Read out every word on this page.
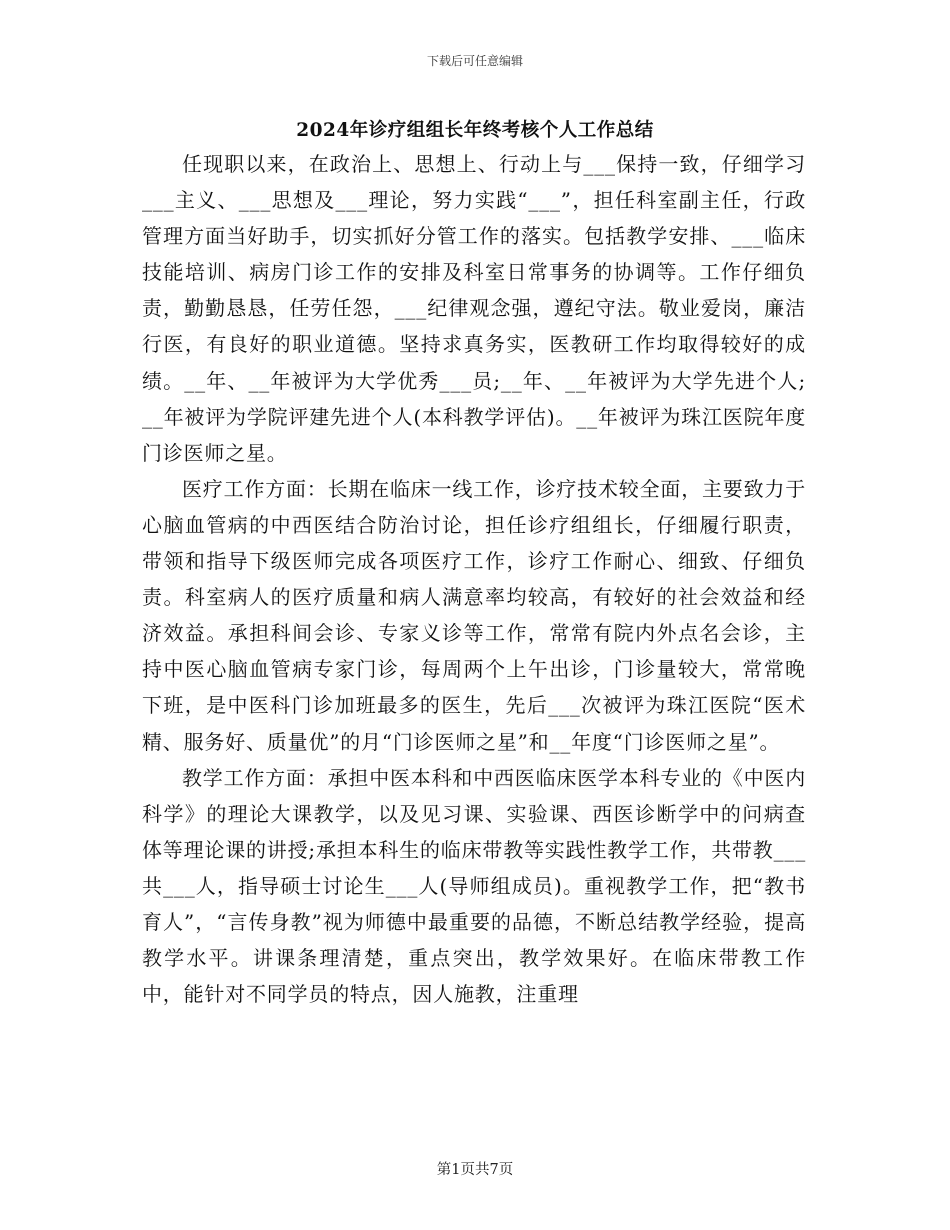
下载后可任意编辑
2024年诊疗组组长年终考核个人工作总结

任现职以来，在政治上、思想上、行动上与___保持一致，仔细学习___主义、___思想及___理论，努力实践“___”，担任科室副主任，行政管理方面当好助手，切实抓好分管工作的落实。包括教学安排、___临床技能培训、病房门诊工作的安排及科室日常事务的协调等。工作仔细负责，勤勤恳恳，任劳任怨，___纪律观念强，遵纪守法。敬业爱岗，廉洁行医，有良好的职业道德。坚持求真务实，医教研工作均取得较好的成绩。__年、__年被评为大学优秀___员;__年、__年被评为大学先进个人;__年被评为学院评建先进个人(本科教学评估)。__年被评为珠江医院年度门诊医师之星。

医疗工作方面：长期在临床一线工作，诊疗技术较全面，主要致力于心脑血管病的中西医结合防治讨论，担任诊疗组组长，仔细履行职责，带领和指导下级医师完成各项医疗工作，诊疗工作耐心、细致、仔细负责。科室病人的医疗质量和病人满意率均较高，有较好的社会效益和经济效益。承担科间会诊、专家义诊等工作，常常有院内外点名会诊，主持中医心脑血管病专家门诊，每周两个上午出诊，门诊量较大，常常晚下班，是中医科门诊加班最多的医生，先后___次被评为珠江医院“医术精、服务好、质量优”的月“门诊医师之星”和__年度“门诊医师之星”。

教学工作方面：承担中医本科和中西医临床医学本科专业的《中医内科学》的理论大课教学，以及见习课、实验课、西医诊断学中的问病查体等理论课的讲授;承担本科生的临床带教等实践性教学工作，共带教___共___人，指导硕士讨论生___人(导师组成员)。重视教学工作，把“教书育人”，“言传身教”视为师德中最重要的品德，不断总结教学经验，提高教学水平。讲课条理清楚，重点突出，教学效果好。在临床带教工作中，能针对不同学员的特点，因人施教，注重理

第1页共7页
